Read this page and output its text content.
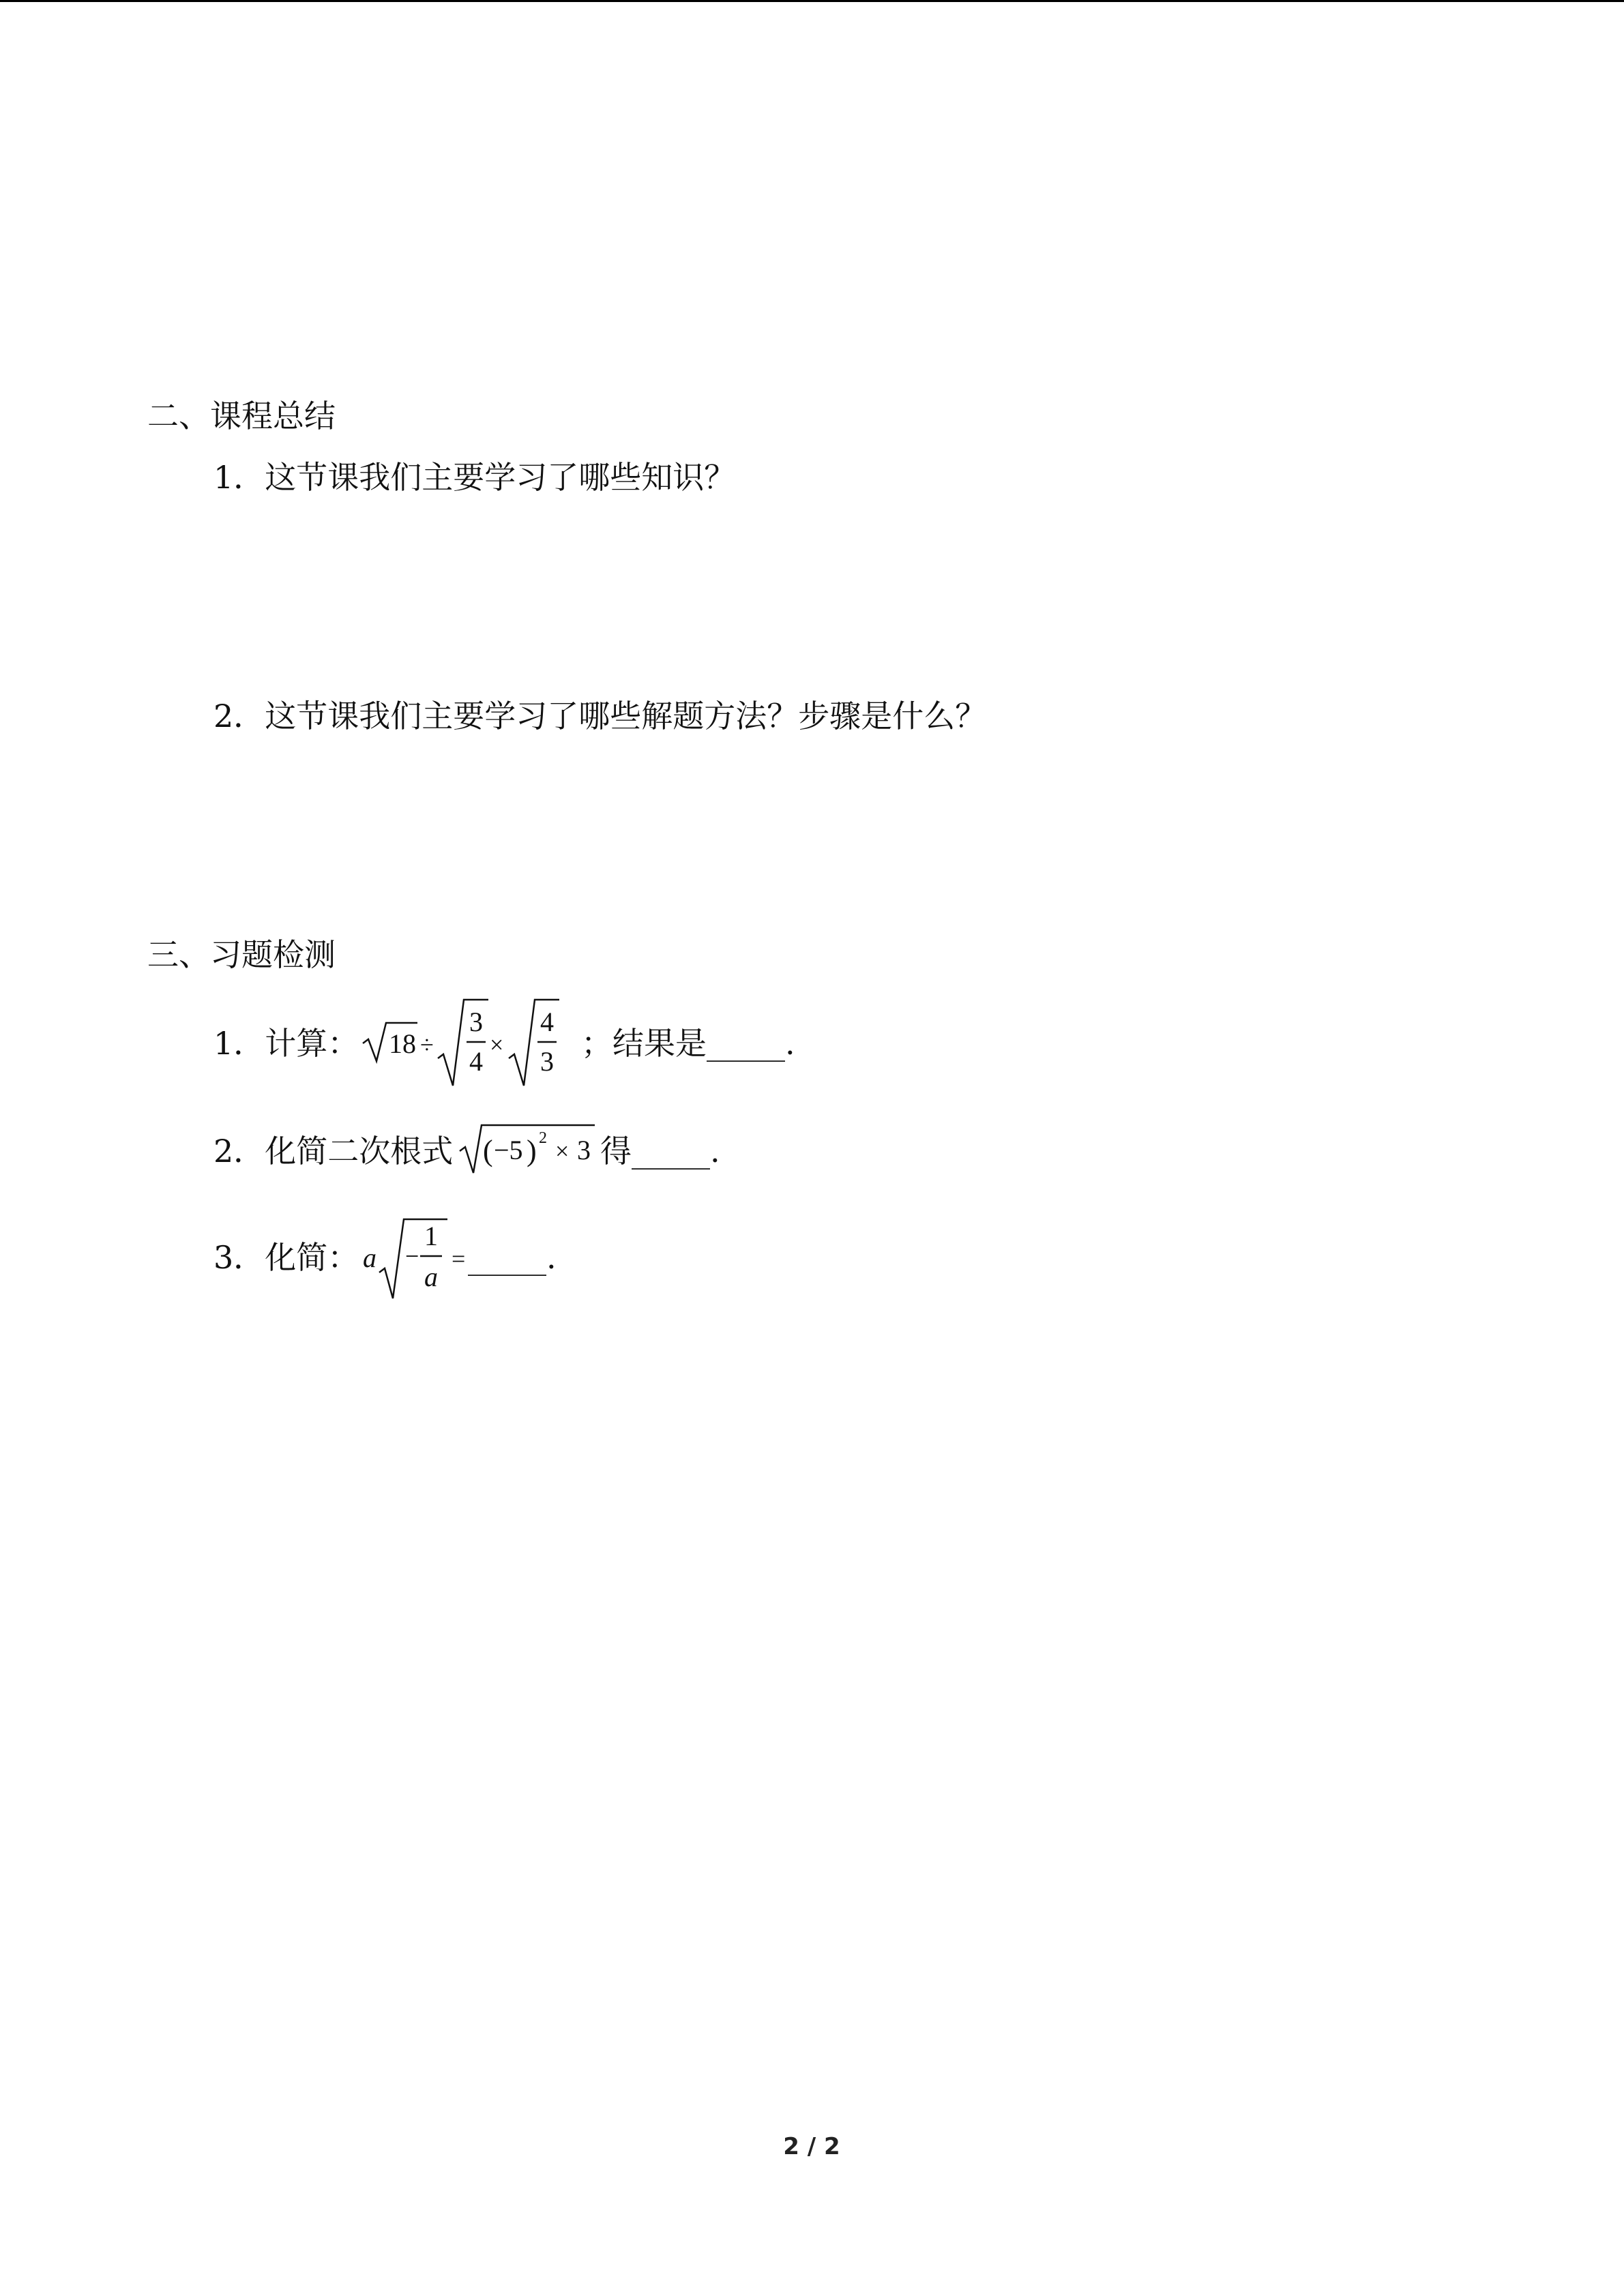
二、课程总结
1．这节课我们主要学习了哪些知识？
2．这节课我们主要学习了哪些解题方法？步骤是什么？
三、习题检测
1．计算： 18 ÷
3
4
×
4
3 ；结果是_____.
2．化简二次根式 ( −5 ) 2 × 3 得_____.
3．化简： a −
1
a
= _____.
2 / 2
